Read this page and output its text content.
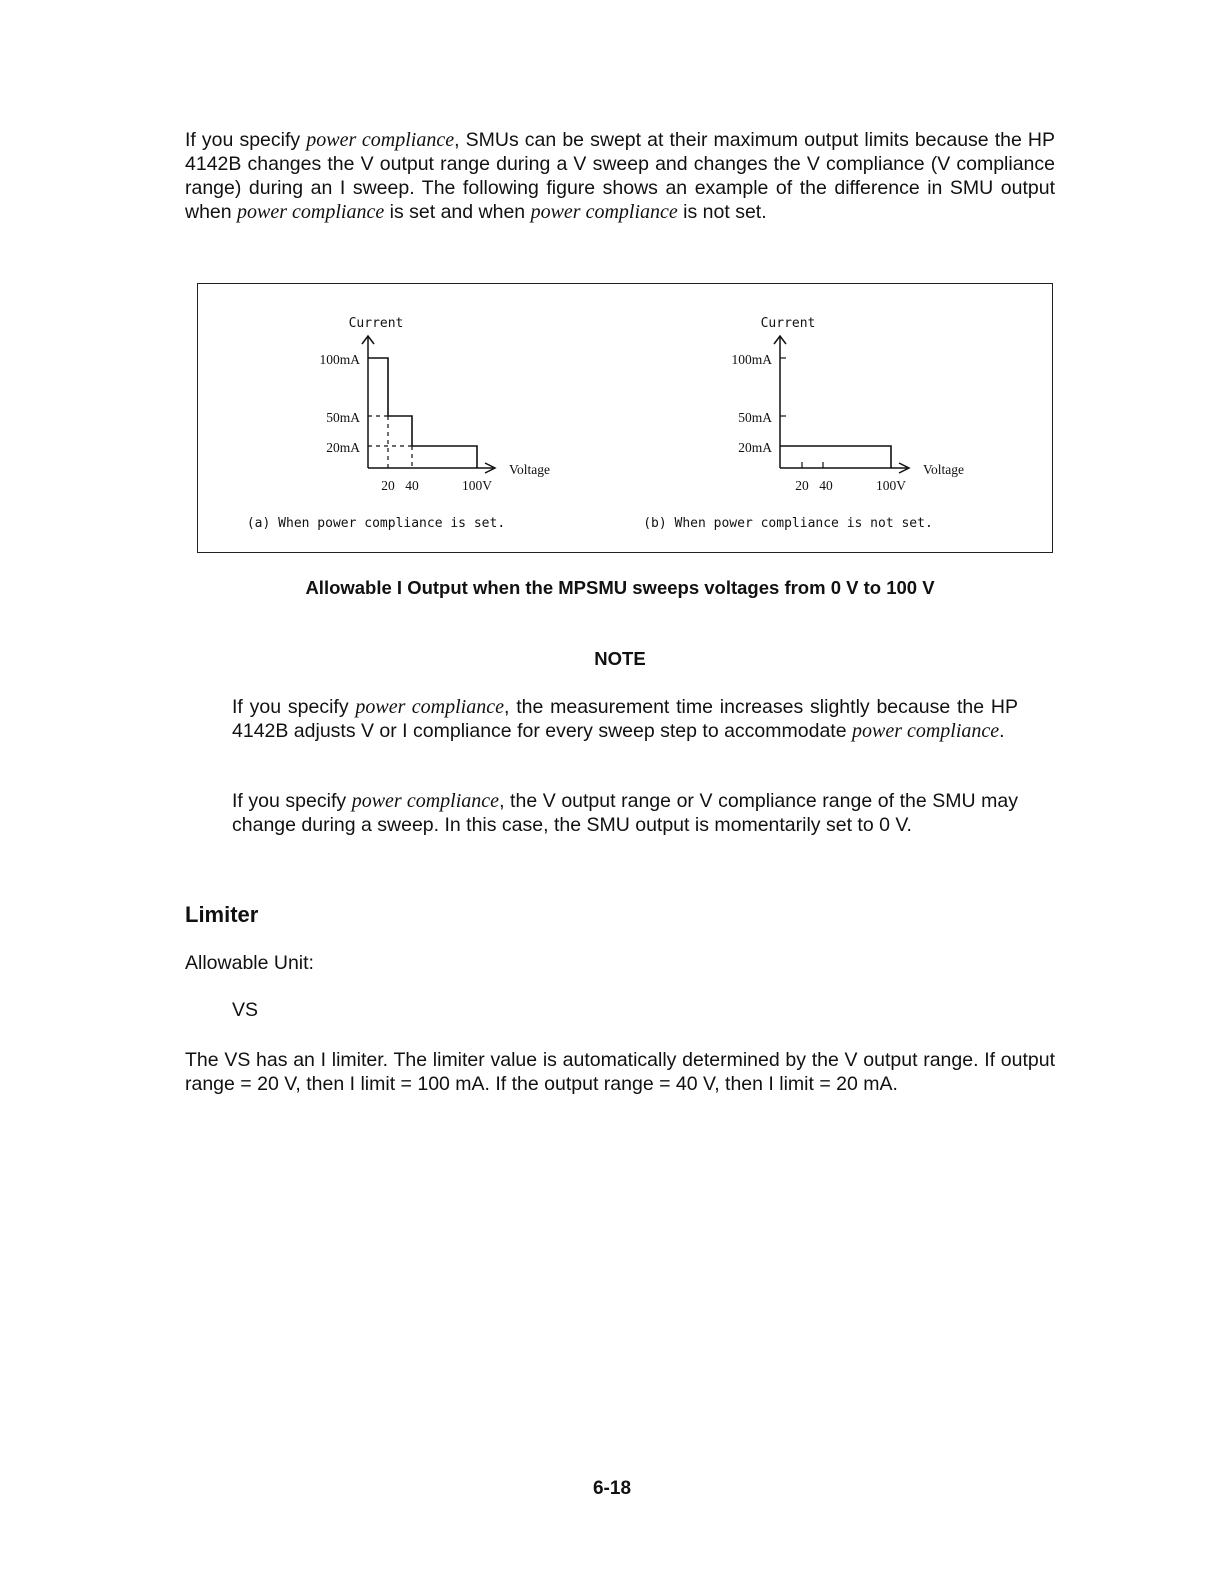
If you specify power compliance, SMUs can be swept at their maximum output limits because the HP 4142B changes the V output range during a V sweep and changes the V compliance (V compliance range) during an I sweep. The following figure shows an example of the difference in SMU output when power compliance is set and when power compliance is not set.

Current
100mA
50mA
20mA
20 40	100V
Voltage
(a) When power compliance is set.
Current
100mA
50mA
20mA
20 40	100V
Voltage
(b) When power compliance is not set.
Allowable I Output when the MPSMU sweeps voltages from 0 V to 100 V
NOTE

If you specify power compliance, the measurement time increases slightly because the HP 4142B adjusts V or I compliance for every sweep step to accommodate power compliance.

If you specify power compliance, the V output range or V compliance range of the SMU may change during a sweep. In this case, the SMU output is momentarily set to 0 V.

Limiter

Allowable Unit:

VS

The VS has an I limiter. The limiter value is automatically determined by the V output range. If output range = 20 V, then I limit = 100 mA. If the output range = 40 V, then I limit = 20 mA.

6-18
